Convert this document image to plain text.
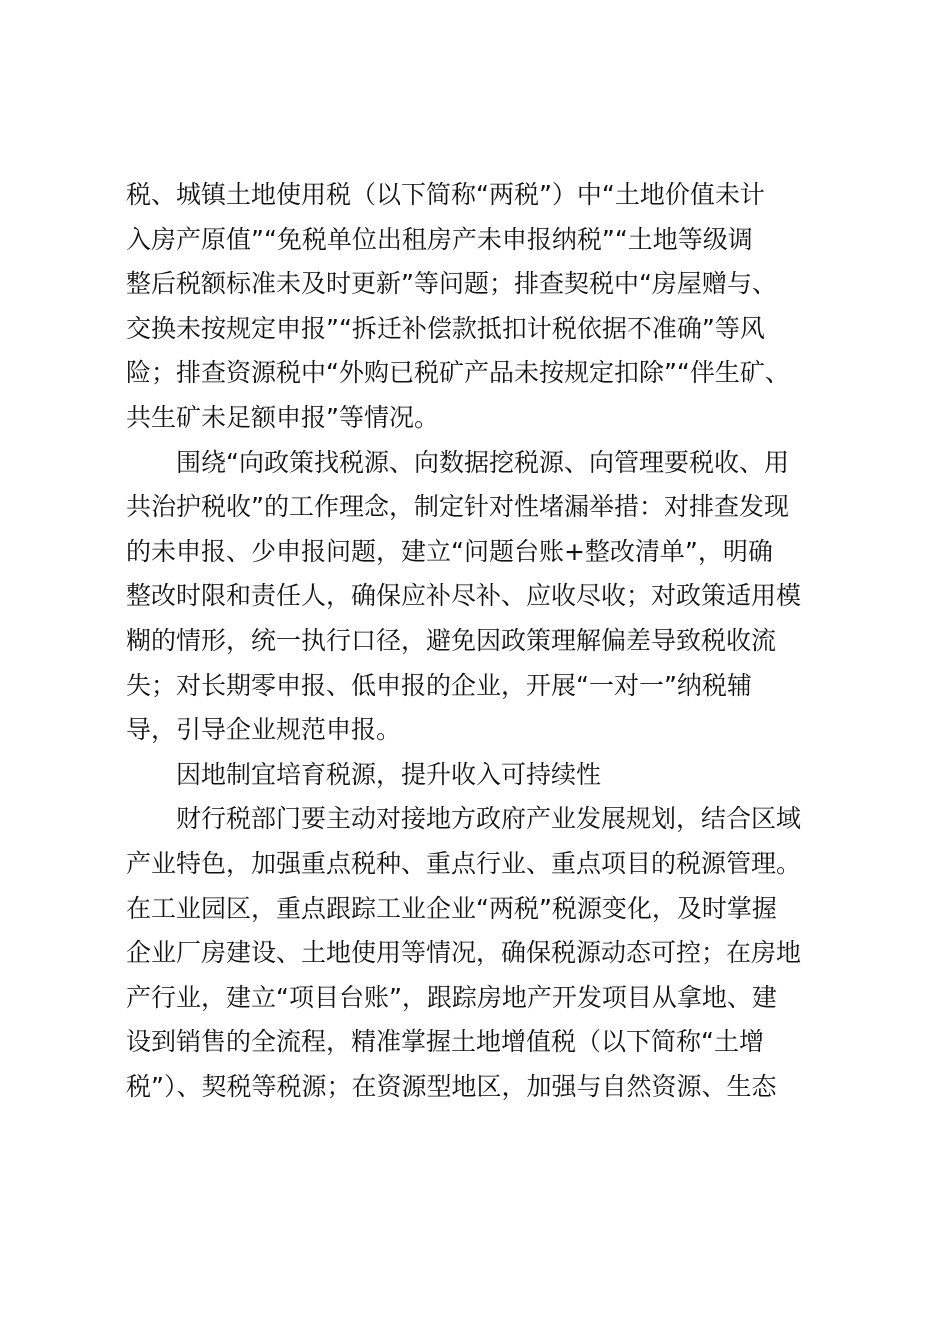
税、城镇土地使用税（以下简称“两税”）中“土地价值未计
入房产原值”“免税单位出租房产未申报纳税”“土地等级调
整后税额标准未及时更新”等问题；排查契税中“房屋赠与、
交换未按规定申报”“拆迁补偿款抵扣计税依据不准确”等风
险；排查资源税中“外购已税矿产品未按规定扣除”“伴生矿、
共生矿未足额申报”等情况。

围绕“向政策找税源、向数据挖税源、向管理要税收、用
共治护税收”的工作理念，制定针对性堵漏举措：对排查发现
的未申报、少申报问题，建立“问题台账+整改清单”，明确
整改时限和责任人，确保应补尽补、应收尽收；对政策适用模
糊的情形，统一执行口径，避免因政策理解偏差导致税收流
失；对长期零申报、低申报的企业，开展“一对一”纳税辅
导，引导企业规范申报。

因地制宜培育税源，提升收入可持续性

财行税部门要主动对接地方政府产业发展规划，结合区域
产业特色，加强重点税种、重点行业、重点项目的税源管理。
在工业园区，重点跟踪工业企业“两税”税源变化，及时掌握
企业厂房建设、土地使用等情况，确保税源动态可控；在房地
产行业，建立“项目台账”，跟踪房地产开发项目从拿地、建
设到销售的全流程，精准掌握土地增值税（以下简称“土增
税”）、契税等税源；在资源型地区，加强与自然资源、生态
